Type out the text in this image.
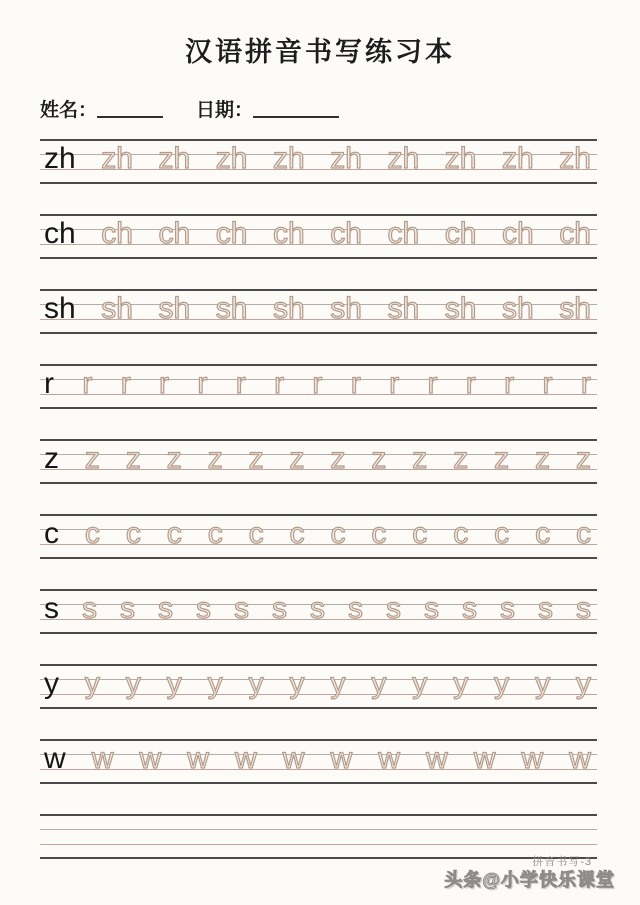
汉语拼音书写练习本
姓名：	日期：
zh zh zh zh zh zh zh zh zh zh
ch ch ch ch ch ch ch ch ch ch
sh sh sh sh sh sh sh sh sh sh
r r r r r r r r r r r r r r r
z z z z z z z z z z z z z z
c c c c c c c c c c c c c c
s s s s s s s s s s s s s s s
y y y y y y y y y y y y y y
w w w w w w w w w w w w
拼音书写-3
头条@小学快乐课堂
